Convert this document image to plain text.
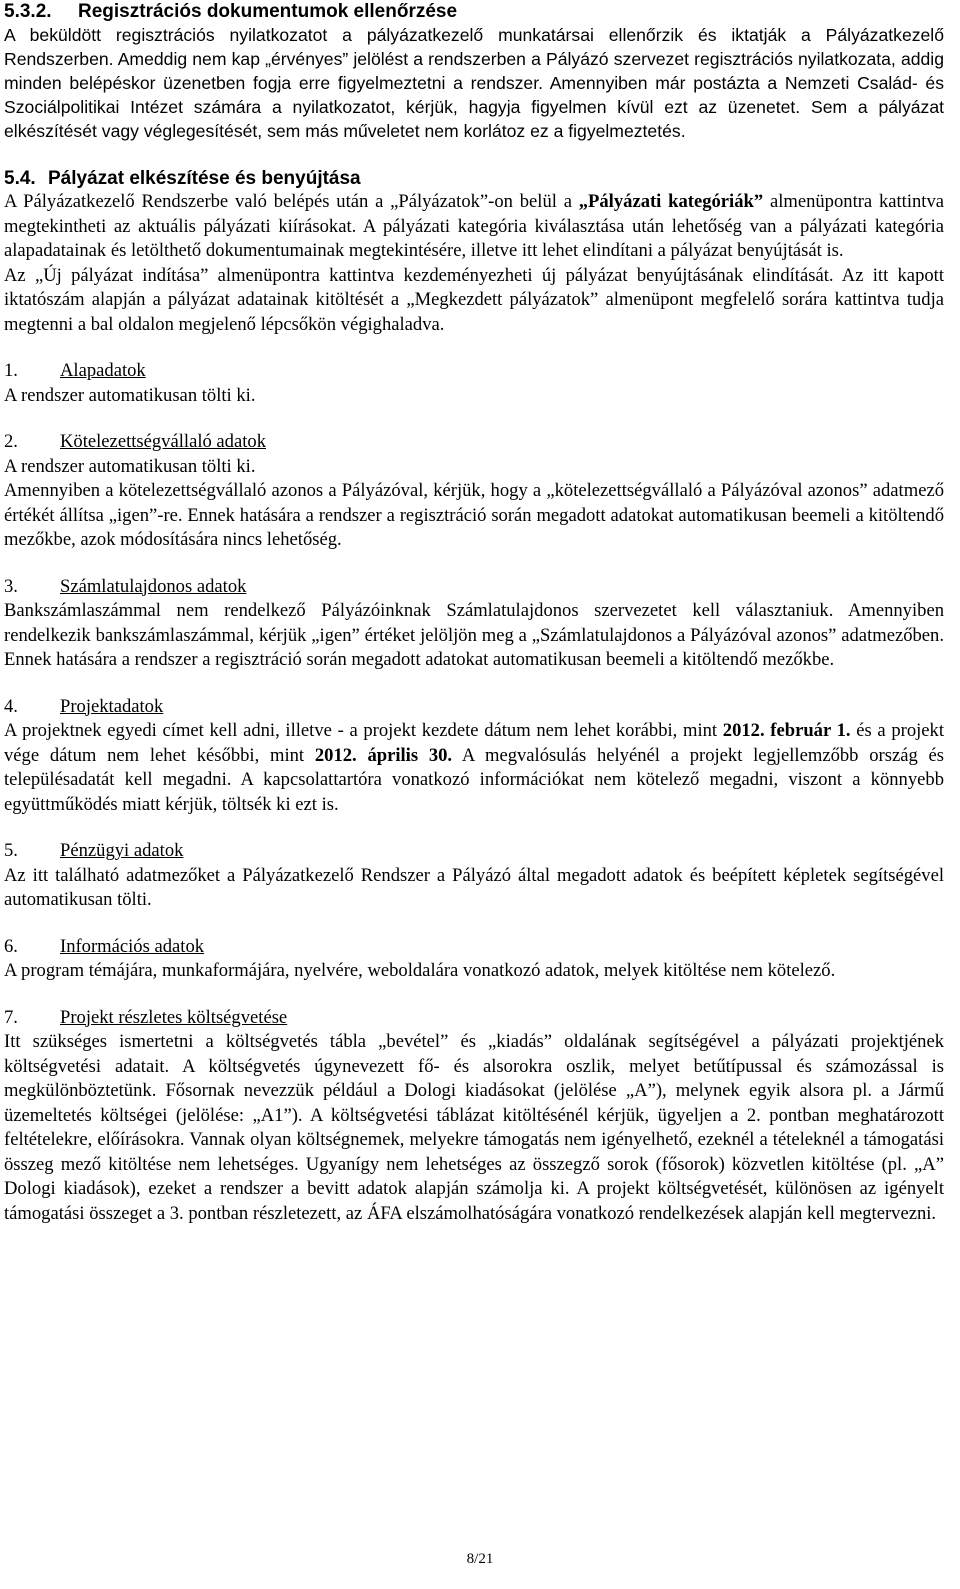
5.3.2. Regisztrációs dokumentumok ellenőrzése

A beküldött regisztrációs nyilatkozatot a pályázatkezelő munkatársai ellenőrzik és iktatják a Pályázatkezelő Rendszerben. Ameddig nem kap „érvényes” jelölést a rendszerben a Pályázó szervezet regisztrációs nyilatkozata, addig minden belépéskor üzenetben fogja erre figyelmeztetni a rendszer. Amennyiben már postázta a Nemzeti Család- és Szociálpolitikai Intézet számára a nyilatkozatot, kérjük, hagyja figyelmen kívül ezt az üzenetet. Sem a pályázat elkészítését vagy véglegesítését, sem más műveletet nem korlátoz ez a figyelmeztetés.

5.4. Pályázat elkészítése és benyújtása

A Pályázatkezelő Rendszerbe való belépés után a „Pályázatok”-on belül a „Pályázati kategóriák” almenüpontra kattintva megtekintheti az aktuális pályázati kiírásokat. A pályázati kategória kiválasztása után lehetőség van a pályázati kategória alapadatainak és letölthető dokumentumainak megtekintésére, illetve itt lehet elindítani a pályázat benyújtását is.

Az „Új pályázat indítása” almenüpontra kattintva kezdeményezheti új pályázat benyújtásának elindítását. Az itt kapott iktatószám alapján a pályázat adatainak kitöltését a „Megkezdett pályázatok” almenüpont megfelelő sorára kattintva tudja megtenni a bal oldalon megjelenő lépcsőkön végighaladva.

1. Alapadatok

A rendszer automatikusan tölti ki.

2. Kötelezettségvállaló adatok

A rendszer automatikusan tölti ki.

Amennyiben a kötelezettségvállaló azonos a Pályázóval, kérjük, hogy a „kötelezettségvállaló a Pályázóval azonos” adatmező értékét állítsa „igen”-re. Ennek hatására a rendszer a regisztráció során megadott adatokat automatikusan beemeli a kitöltendő mezőkbe, azok módosítására nincs lehetőség.

3. Számlatulajdonos adatok

Bankszámlaszámmal nem rendelkező Pályázóinknak Számlatulajdonos szervezetet kell választaniuk. Amennyiben rendelkezik bankszámlaszámmal, kérjük „igen” értéket jelöljön meg a „Számlatulajdonos a Pályázóval azonos” adatmezőben. Ennek hatására a rendszer a regisztráció során megadott adatokat automatikusan beemeli a kitöltendő mezőkbe.

4. Projektadatok

A projektnek egyedi címet kell adni, illetve - a projekt kezdete dátum nem lehet korábbi, mint 2012. február 1. és a projekt vége dátum nem lehet későbbi, mint 2012. április 30. A megvalósulás helyénél a projekt legjellemzőbb ország és településadatát kell megadni. A kapcsolattartóra vonatkozó információkat nem kötelező megadni, viszont a könnyebb együttműködés miatt kérjük, töltsék ki ezt is.

5. Pénzügyi adatok

Az itt található adatmezőket a Pályázatkezelő Rendszer a Pályázó által megadott adatok és beépített képletek segítségével automatikusan tölti.

6. Információs adatok

A program témájára, munkaformájára, nyelvére, weboldalára vonatkozó adatok, melyek kitöltése nem kötelező.

7. Projekt részletes költségvetése

Itt szükséges ismertetni a költségvetés tábla „bevétel” és „kiadás” oldalának segítségével a pályázati projektjének költségvetési adatait. A költségvetés úgynevezett fő- és alsorokra oszlik, melyet betűtípussal és számozással is megkülönböztetünk. Fősornak nevezzük például a Dologi kiadásokat (jelölése „A”), melynek egyik alsora pl. a Jármű üzemeltetés költségei (jelölése: „A1”). A költségvetési táblázat kitöltésénél kérjük, ügyeljen a 2. pontban meghatározott feltételekre, előírásokra. Vannak olyan költségnemek, melyekre támogatás nem igényelhető, ezeknél a tételeknél a támogatási összeg mező kitöltése nem lehetséges. Ugyanígy nem lehetséges az összegző sorok (fősorok) közvetlen kitöltése (pl. „A” Dologi kiadások), ezeket a rendszer a bevitt adatok alapján számolja ki. A projekt költségvetését, különösen az igényelt támogatási összeget a 3. pontban részletezett, az ÁFA elszámolhatóságára vonatkozó rendelkezések alapján kell megtervezni.

8/21
